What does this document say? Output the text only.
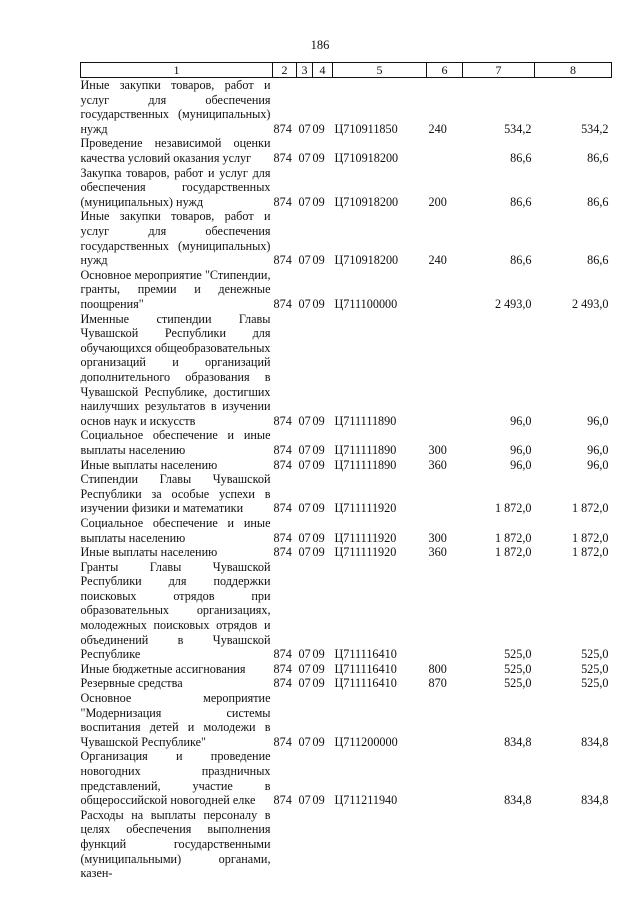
186
1	2	3	4	5	6	7	8
Иные закупки товаров, работ и услуг для обеспечения государственных (муниципальных) нужд	874	07	09	Ц710911850	240	534,2	534,2
Проведение независимой оценки качества условий оказания услуг	874	07	09	Ц710918200		86,6	86,6
Закупка товаров, работ и услуг для обеспечения государственных (муниципальных) нужд	874	07	09	Ц710918200	200	86,6	86,6
Иные закупки товаров, работ и услуг для обеспечения государственных (муниципальных) нужд	874	07	09	Ц710918200	240	86,6	86,6
Основное мероприятие "Стипендии, гранты, премии и денежные поощрения"	874	07	09	Ц711100000		2 493,0	2 493,0
Именные стипендии Главы Чувашской Республики для обучающихся общеобразовательных организаций и организаций дополнительного образования в Чувашской Республике, достигших наилучших результатов в изучении основ наук и искусств	874	07	09	Ц711111890		96,0	96,0
Социальное обеспечение и иные выплаты населению	874	07	09	Ц711111890	300	96,0	96,0
Иные выплаты населению	874	07	09	Ц711111890	360	96,0	96,0
Стипендии Главы Чувашской Республики за особые успехи в изучении физики и математики	874	07	09	Ц711111920		1 872,0	1 872,0
Социальное обеспечение и иные выплаты населению	874	07	09	Ц711111920	300	1 872,0	1 872,0
Иные выплаты населению	874	07	09	Ц711111920	360	1 872,0	1 872,0
Гранты Главы Чувашской Республики для поддержки поисковых отрядов при образовательных организациях, молодежных поисковых отрядов и объединений в Чувашской Республике	874	07	09	Ц711116410		525,0	525,0
Иные бюджетные ассигнования	874	07	09	Ц711116410	800	525,0	525,0
Резервные средства	874	07	09	Ц711116410	870	525,0	525,0
Основное мероприятие "Модернизация системы воспитания детей и молодежи в Чувашской Республике"	874	07	09	Ц711200000		834,8	834,8
Организация и проведение новогодних праздничных представлений, участие в общероссийской новогодней елке	874	07	09	Ц711211940		834,8	834,8
Расходы на выплаты персоналу в целях обеспечения выполнения функций государственными (муниципальными) органами, казен-							
